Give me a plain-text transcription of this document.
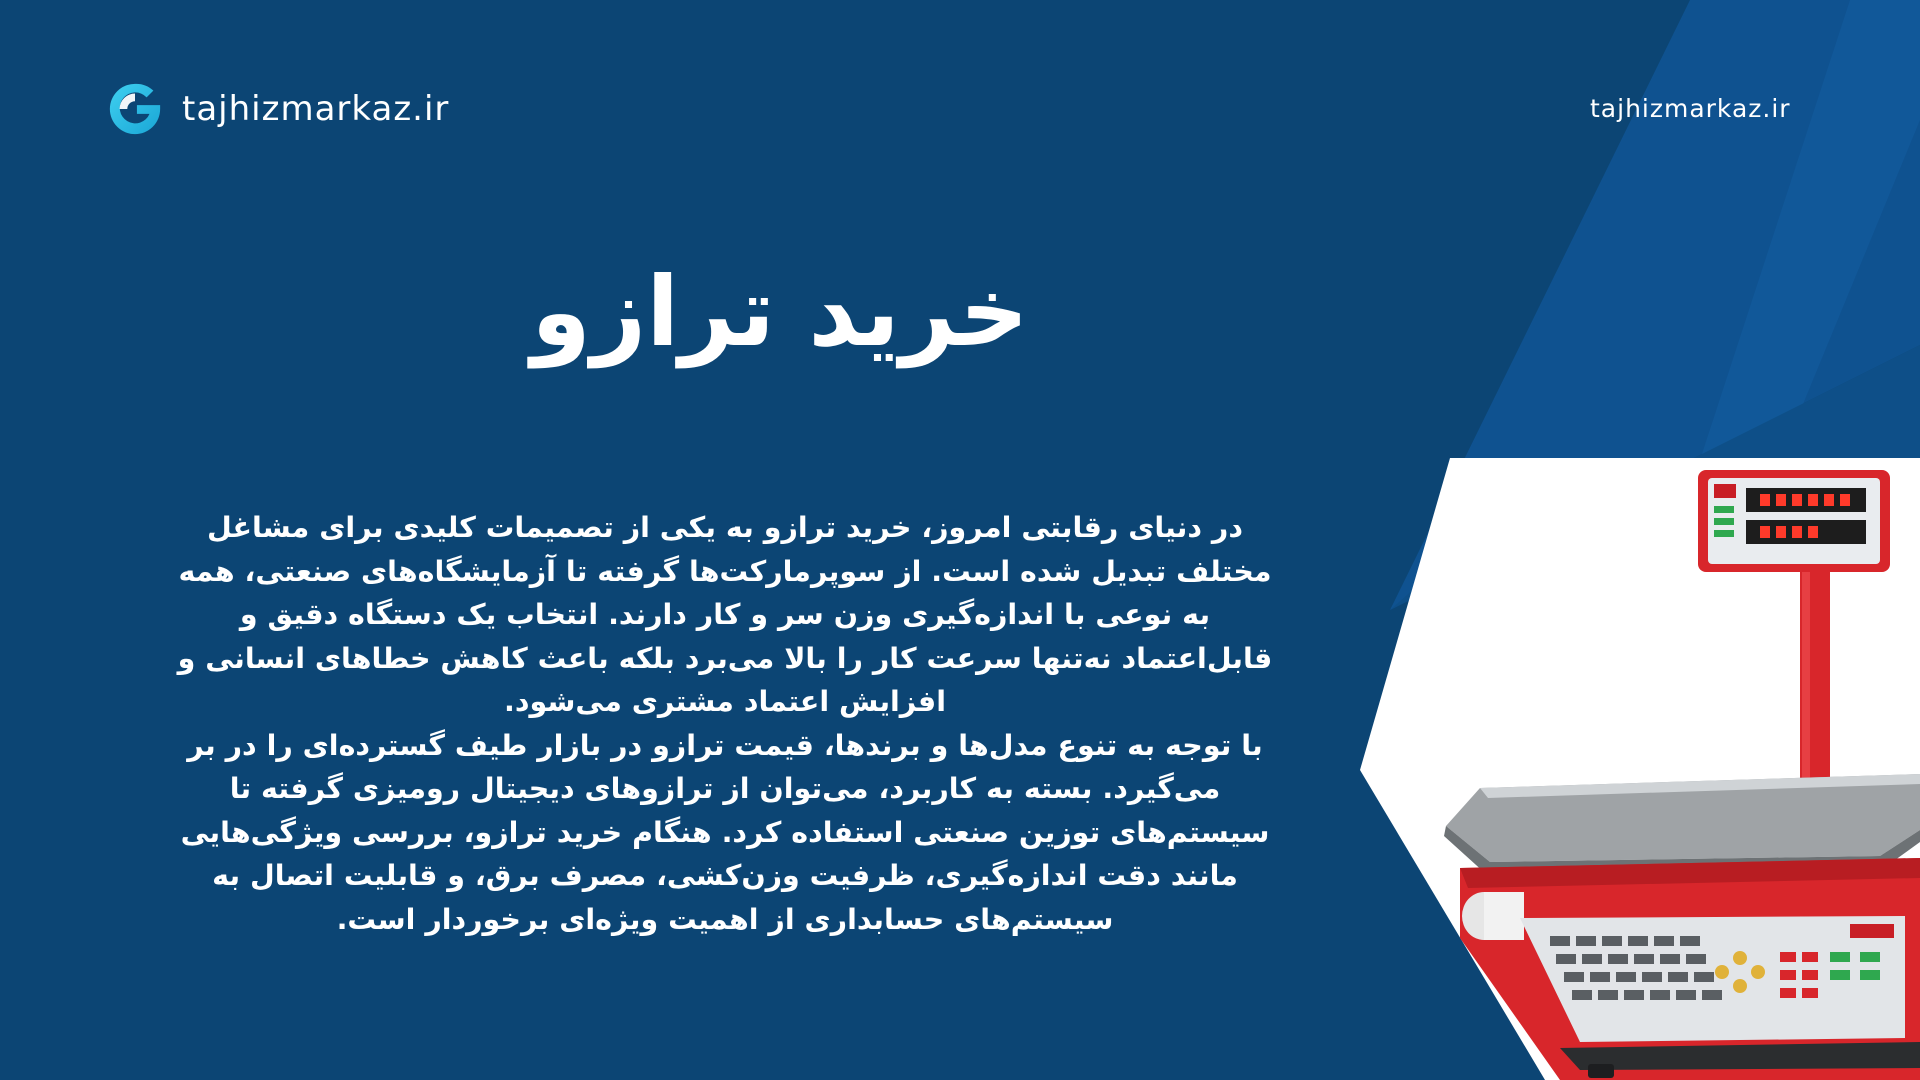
tajhizmarkaz.ir	tajhizmarkaz.ir
خرید ترازو

در دنیای رقابتی امروز، خرید ترازو به یکی از تصمیمات کلیدی برای مشاغل مختلف تبدیل شده است. از سوپرمارکت‌ها گرفته تا آزمایشگاه‌های صنعتی، همه به نوعی با اندازه‌گیری وزن سر و کار دارند. انتخاب یک دستگاه دقیق و قابل‌اعتماد نه‌تنها سرعت کار را بالا می‌برد بلکه باعث کاهش خطاهای انسانی و افزایش اعتماد مشتری می‌شود.

با توجه به تنوع مدل‌ها و برندها، قیمت ترازو در بازار طیف گسترده‌ای را در بر می‌گیرد. بسته به کاربرد، می‌توان از ترازوهای دیجیتال رومیزی گرفته تا سیستم‌های توزین صنعتی استفاده کرد. هنگام خرید ترازو، بررسی ویژگی‌هایی مانند دقت اندازه‌گیری، ظرفیت وزن‌کشی، مصرف برق، و قابلیت اتصال به سیستم‌های حسابداری از اهمیت ویژه‌ای برخوردار است.
